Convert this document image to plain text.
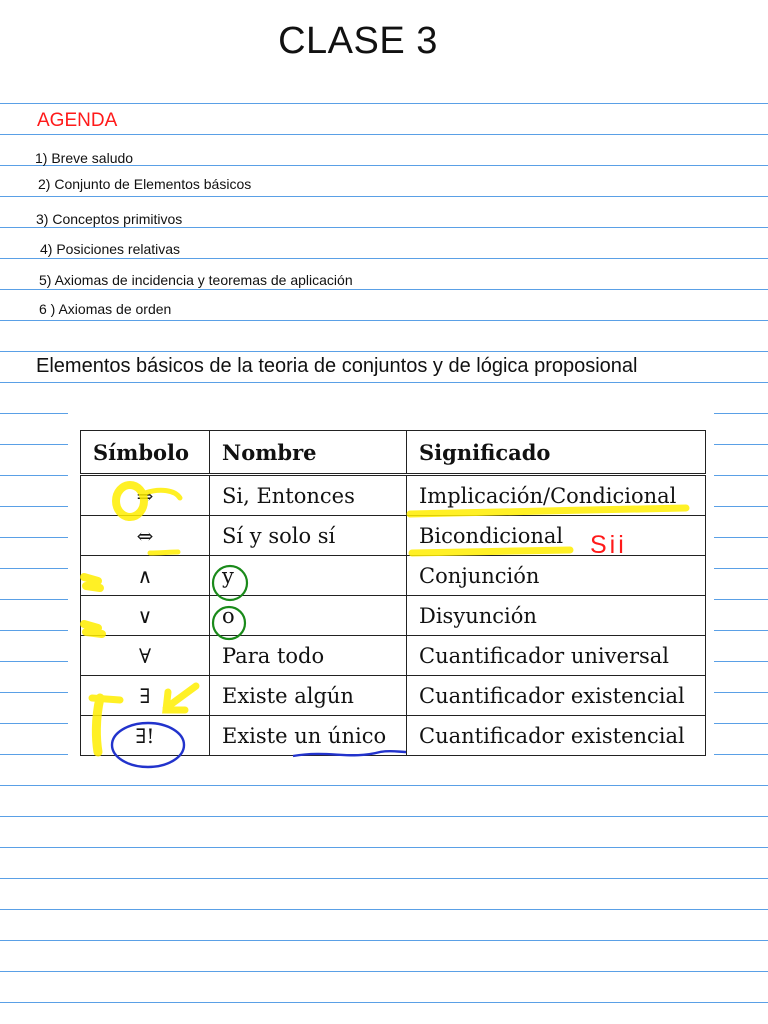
CLASE 3
AGENDA
1) Breve saludo
2) Conjunto de Elementos básicos
3) Conceptos primitivos
4) Posiciones relativas
5) Axiomas de incidencia y teoremas de aplicación
6 ) Axiomas de orden
Elementos básicos de la teoria de conjuntos y de lógica proposional
Símbolo	Nombre	Significado
⇒	Si, Entonces	Implicación/Condicional
⇔	Sí y solo sí	Bicondicional
∧	y	Conjunción
∨	o	Disyunción
∀	Para todo	Cuantificador universal
∃	Existe algún	Cuantificador existencial
∃!	Existe un único	Cuantificador existencial
Sii
